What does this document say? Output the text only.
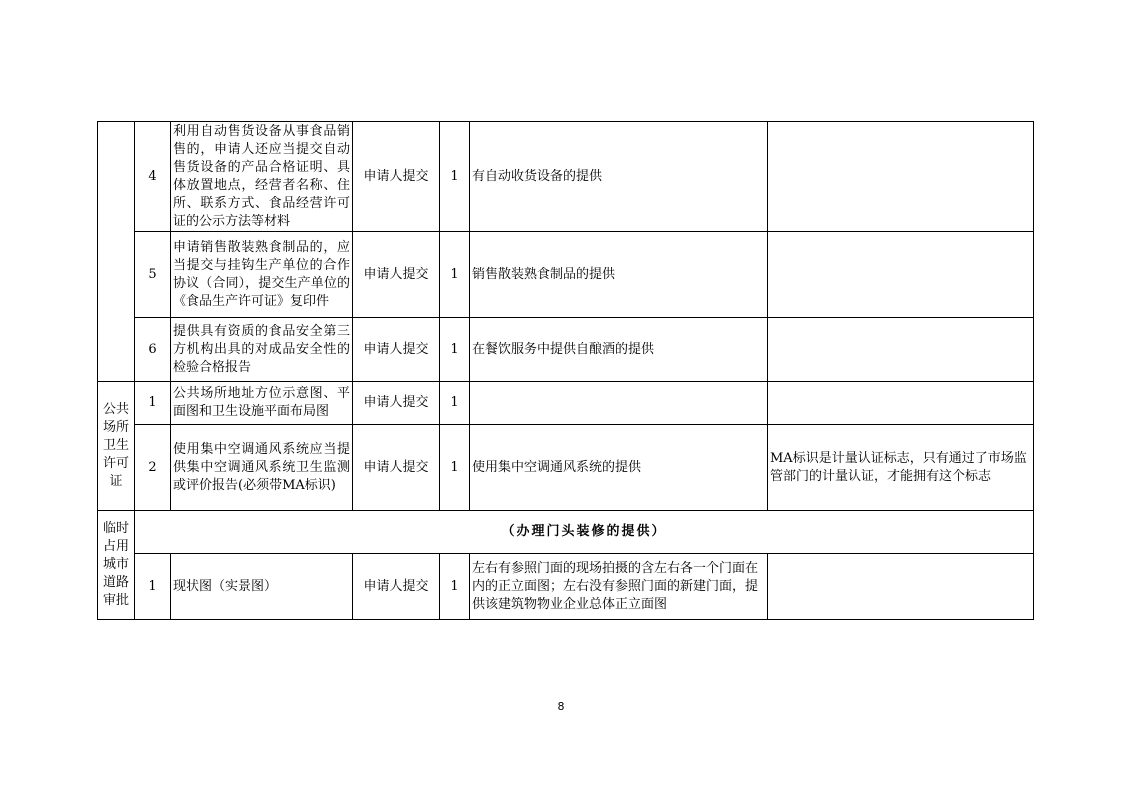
	4	利用自动售货设备从事食品销售的，申请人还应当提交自动售货设备的产品合格证明、具体放置地点，经营者名称、住所、联系方式、食品经营许可证的公示方法等材料	申请人提交	1	有自动收货设备的提供	
	5	申请销售散装熟食制品的，应当提交与挂钩生产单位的合作协议（合同），提交生产单位的《食品生产许可证》复印件	申请人提交	1	销售散装熟食制品的提供	
	6	提供具有资质的食品安全第三方机构出具的对成品安全性的检验合格报告	申请人提交	1	在餐饮服务中提供自酿酒的提供	
公共场所卫生许可证	1	公共场所地址方位示意图、平面图和卫生设施平面布局图	申请人提交	1		
	2	使用集中空调通风系统应当提供集中空调通风系统卫生监测或评价报告(必须带MA标识)	申请人提交	1	使用集中空调通风系统的提供	MA标识是计量认证标志，只有通过了市场监管部门的计量认证，才能拥有这个标志
临时占用城市道路审批	（办理门头装修的提供）					
	1	现状图（实景图）	申请人提交	1	左右有参照门面的现场拍摄的含左右各一个门面在内的正立面图；左右没有参照门面的新建门面，提供该建筑物物业企业总体正立面图	
8
